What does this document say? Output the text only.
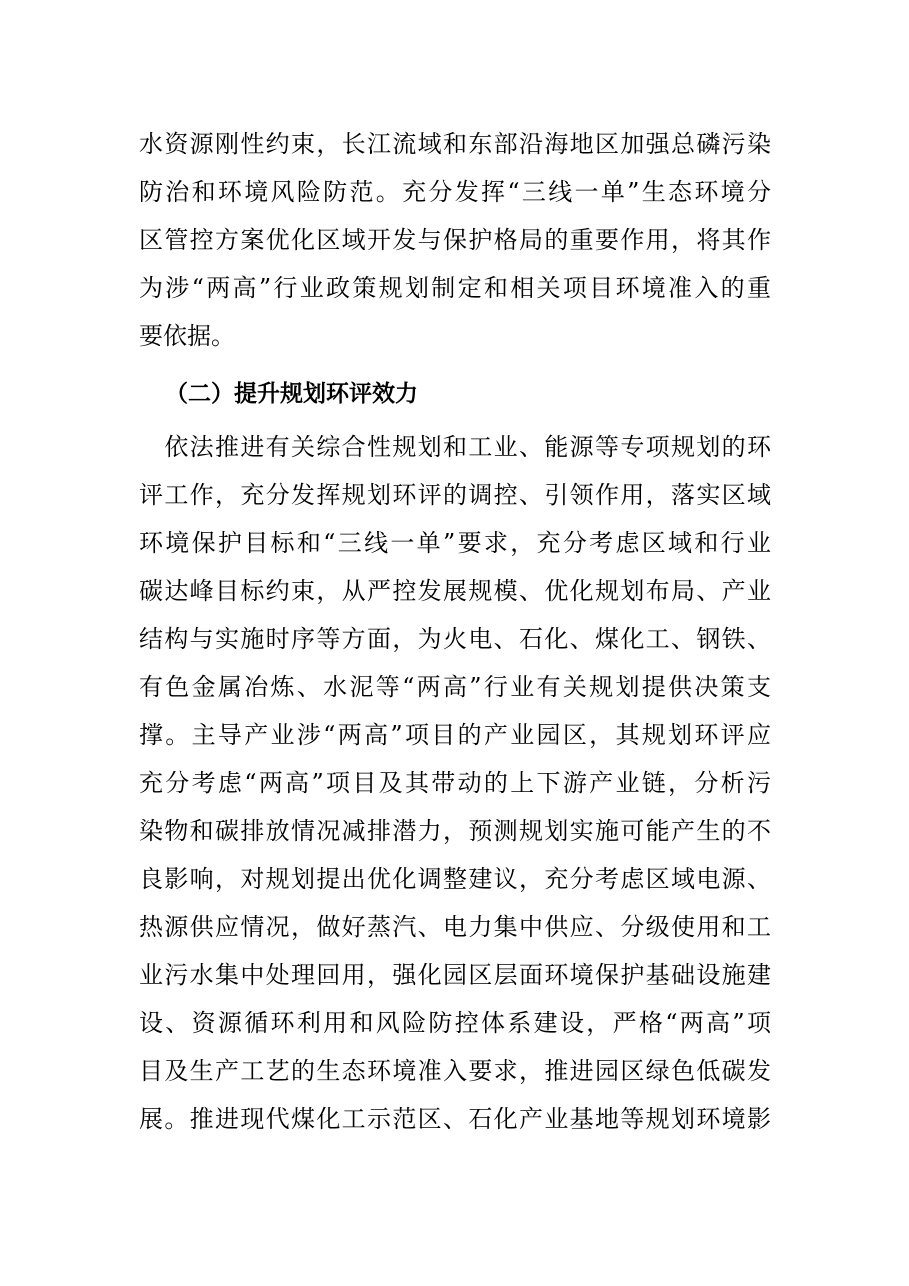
水资源刚性约束，长江流域和东部沿海地区加强总磷污染
防治和环境风险防范。充分发挥“三线一单”生态环境分
区管控方案优化区域开发与保护格局的重要作用，将其作
为涉“两高”行业政策规划制定和相关项目环境准入的重
要依据。
（二）提升规划环评效力
　依法推进有关综合性规划和工业、能源等专项规划的环
评工作，充分发挥规划环评的调控、引领作用，落实区域
环境保护目标和“三线一单”要求，充分考虑区域和行业
碳达峰目标约束，从严控发展规模、优化规划布局、产业
结构与实施时序等方面，为火电、石化、煤化工、钢铁、
有色金属冶炼、水泥等“两高”行业有关规划提供决策支
撑。主导产业涉“两高”项目的产业园区，其规划环评应
充分考虑“两高”项目及其带动的上下游产业链，分析污
染物和碳排放情况减排潜力，预测规划实施可能产生的不
良影响，对规划提出优化调整建议，充分考虑区域电源、
热源供应情况，做好蒸汽、电力集中供应、分级使用和工
业污水集中处理回用，强化园区层面环境保护基础设施建
设、资源循环利用和风险防控体系建设，严格“两高”项
目及生产工艺的生态环境准入要求，推进园区绿色低碳发
展。推进现代煤化工示范区、石化产业基地等规划环境影
